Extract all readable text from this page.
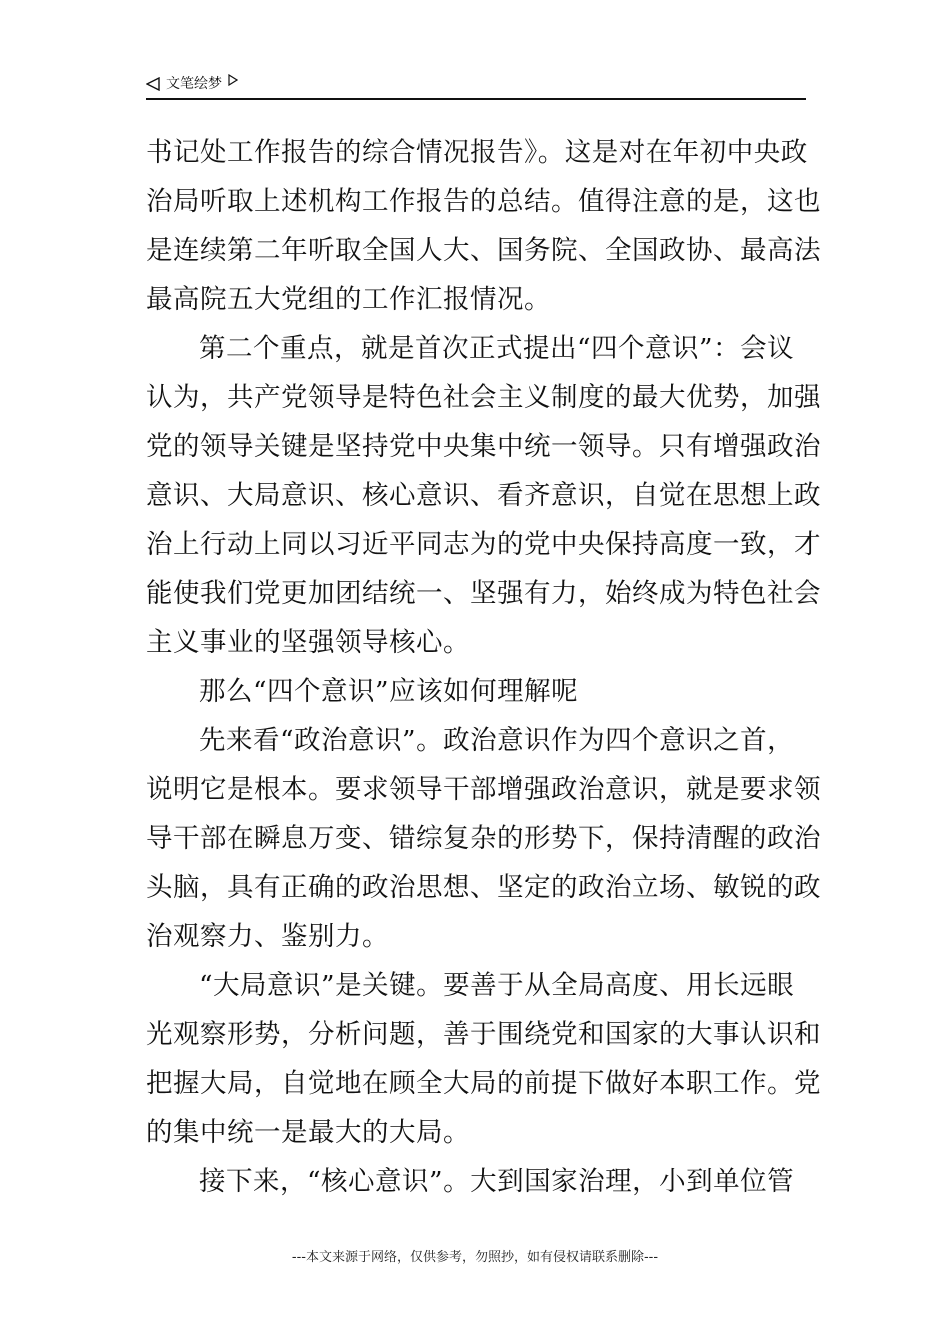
文笔绘梦
书记处工作报告的综合情况报告》。这是对在年初中央政
治局听取上述机构工作报告的总结。值得注意的是，这也
是连续第二年听取全国人大、国务院、全国政协、最高法
最高院五大党组的工作汇报情况。
第二个重点，就是首次正式提出“四个意识”：会议
认为，共产党领导是特色社会主义制度的最大优势，加强
党的领导关键是坚持党中央集中统一领导。只有增强政治
意识、大局意识、核心意识、看齐意识，自觉在思想上政
治上行动上同以习近平同志为的党中央保持高度一致，才
能使我们党更加团结统一、坚强有力，始终成为特色社会
主义事业的坚强领导核心。
那么“四个意识”应该如何理解呢
先来看“政治意识”。政治意识作为四个意识之首，
说明它是根本。要求领导干部增强政治意识，就是要求领
导干部在瞬息万变、错综复杂的形势下，保持清醒的政治
头脑，具有正确的政治思想、坚定的政治立场、敏锐的政
治观察力、鉴别力。
“大局意识”是关键。要善于从全局高度、用长远眼
光观察形势，分析问题，善于围绕党和国家的大事认识和
把握大局，自觉地在顾全大局的前提下做好本职工作。党
的集中统一是最大的大局。
接下来，“核心意识”。大到国家治理，小到单位管
---本文来源于网络，仅供参考，勿照抄，如有侵权请联系删除---
